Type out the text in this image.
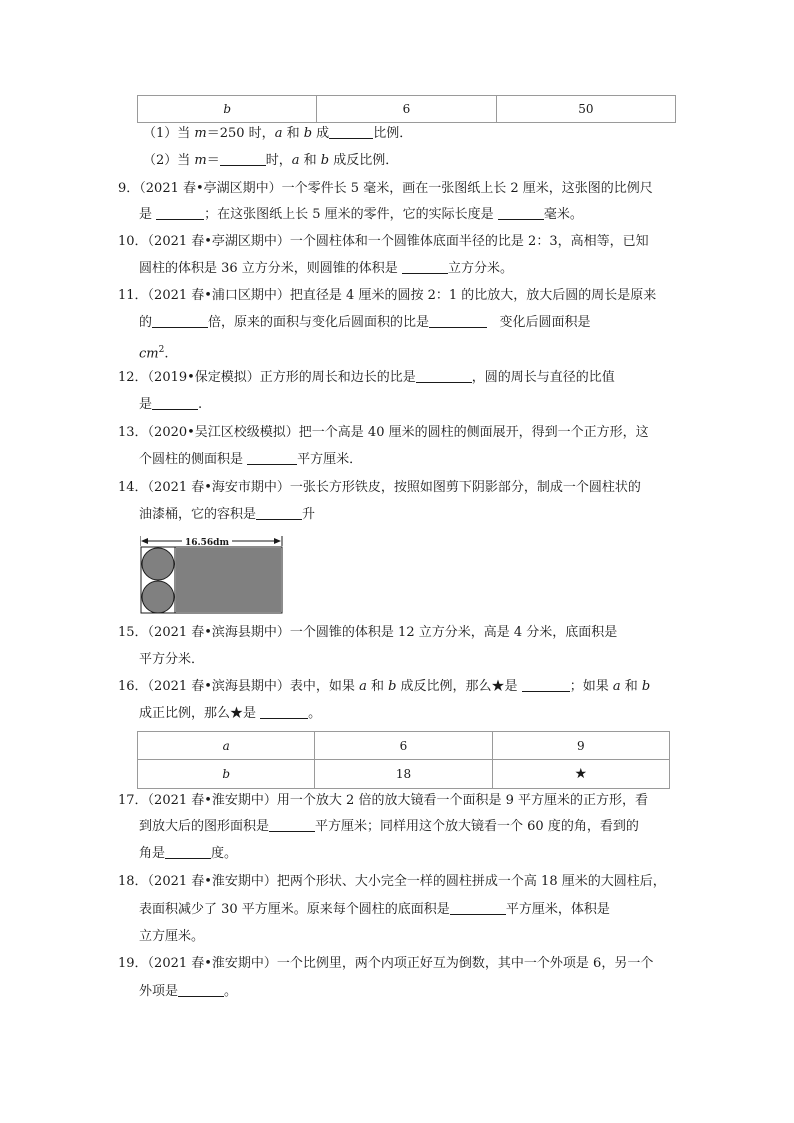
b	6	50
（1）当 m＝250 时，a 和 b 成	比例．
（2）当 m＝	时，a 和 b 成反比例．
9．（2021 春•亭湖区期中）一个零件长 5 毫米，画在一张图纸上长 2 厘米，这张图的比例尺
是	；在这张图纸上长 5 厘米的零件，它的实际长度是	毫米。
10．（2021 春•亭湖区期中）一个圆柱体和一个圆锥体底面半径的比是 2：3，高相等，已知
圆柱的体积是 36 立方分米，则圆锥的体积是	立方分米。
11．（2021 春•浦口区期中）把直径是 4 厘米的圆按 2：1 的比放大，放大后圆的周长是原来
的	倍，原来的面积与变化后圆面积的比是	变化后圆面积是
$cm^2$.
12．（2019•保定模拟）正方形的周长和边长的比是	，圆的周长与直径的比值
是	.
13．（2020•吴江区校级模拟）把一个高是 40 厘米的圆柱的侧面展开，得到一个正方形，这
个圆柱的侧面积是	平方厘米．
14．（2021 春•海安市期中）一张长方形铁皮，按照如图剪下阴影部分，制成一个圆柱状的
油漆桶，它的容积是	升
16.56dm
15．（2021 春•滨海县期中）一个圆锥的体积是 12 立方分米，高是 4 分米，底面积是
平方分米．
16．（2021 春•滨海县期中）表中，如果 a 和 b 成反比例，那么★是	；如果 a 和 b
成正比例，那么★是	。
a	6	9
b	18	★
17．（2021 春•淮安期中）用一个放大 2 倍的放大镜看一个面积是 9 平方厘米的正方形，看
到放大后的图形面积是	平方厘米；同样用这个放大镜看一个 60 度的角，看到的
角是	度。
18．（2021 春•淮安期中）把两个形状、大小完全一样的圆柱拼成一个高 18 厘米的大圆柱后，
表面积减少了 30 平方厘米。原来每个圆柱的底面积是	平方厘米，体积是
立方厘米。
19．（2021 春•淮安期中）一个比例里，两个内项正好互为倒数，其中一个外项是 6，另一个
外项是	。
